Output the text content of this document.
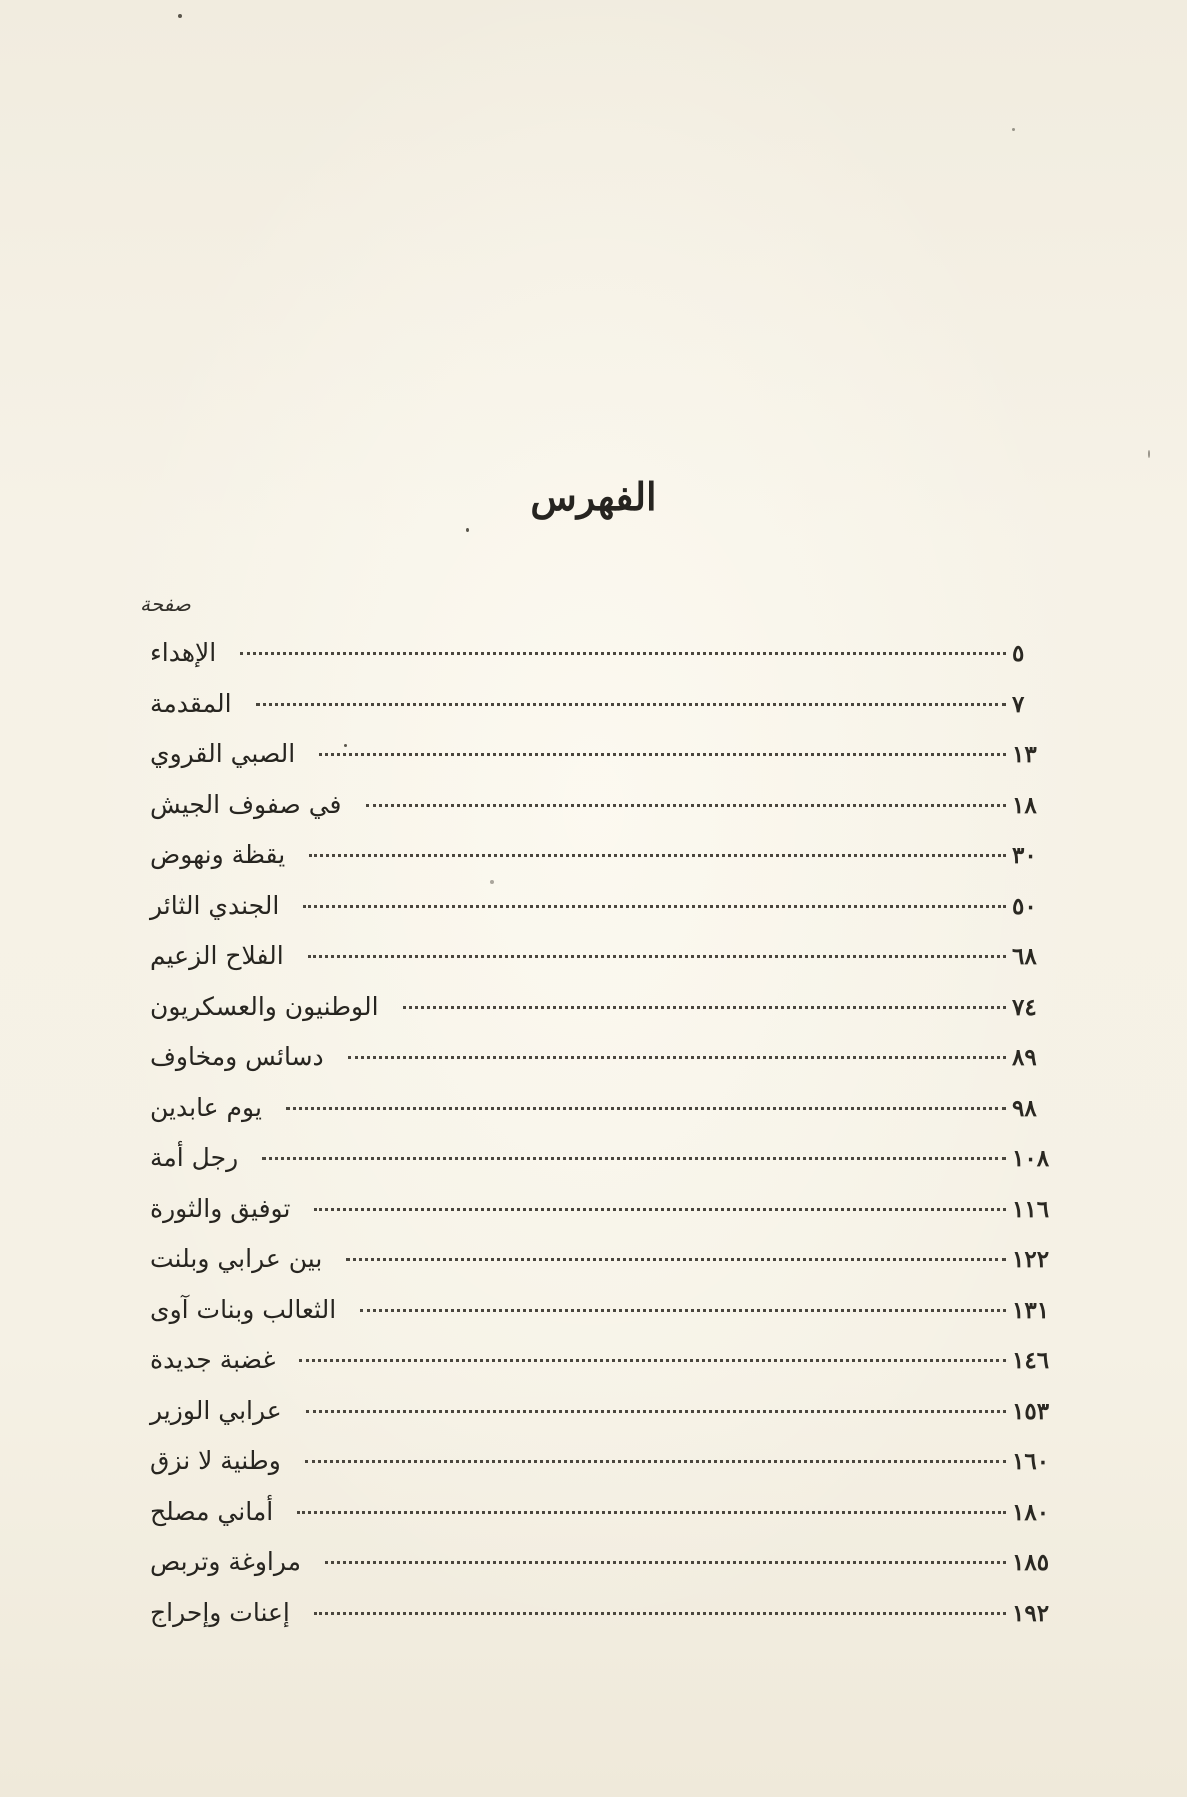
الفهرس
صفحة
الإهداء	٥
المقدمة	٧
الصبي القروي	١٣
في صفوف الجيش	١٨
يقظة ونهوض	٣٠
الجندي الثائر	٥٠
الفلاح الزعيم	٦٨
الوطنيون والعسكريون	٧٤
دسائس ومخاوف	٨٩
يوم عابدين	٩٨
رجل أمة	١٠٨
توفيق والثورة	١١٦
بين عرابي وبلنت	١٢٢
الثعالب وبنات آوى	١٣١
غضبة جديدة	١٤٦
عرابي الوزير	١٥٣
وطنية لا نزق	١٦٠
أماني مصلح	١٨٠
مراوغة وتربص	١٨٥
إعنات وإحراج	١٩٢
